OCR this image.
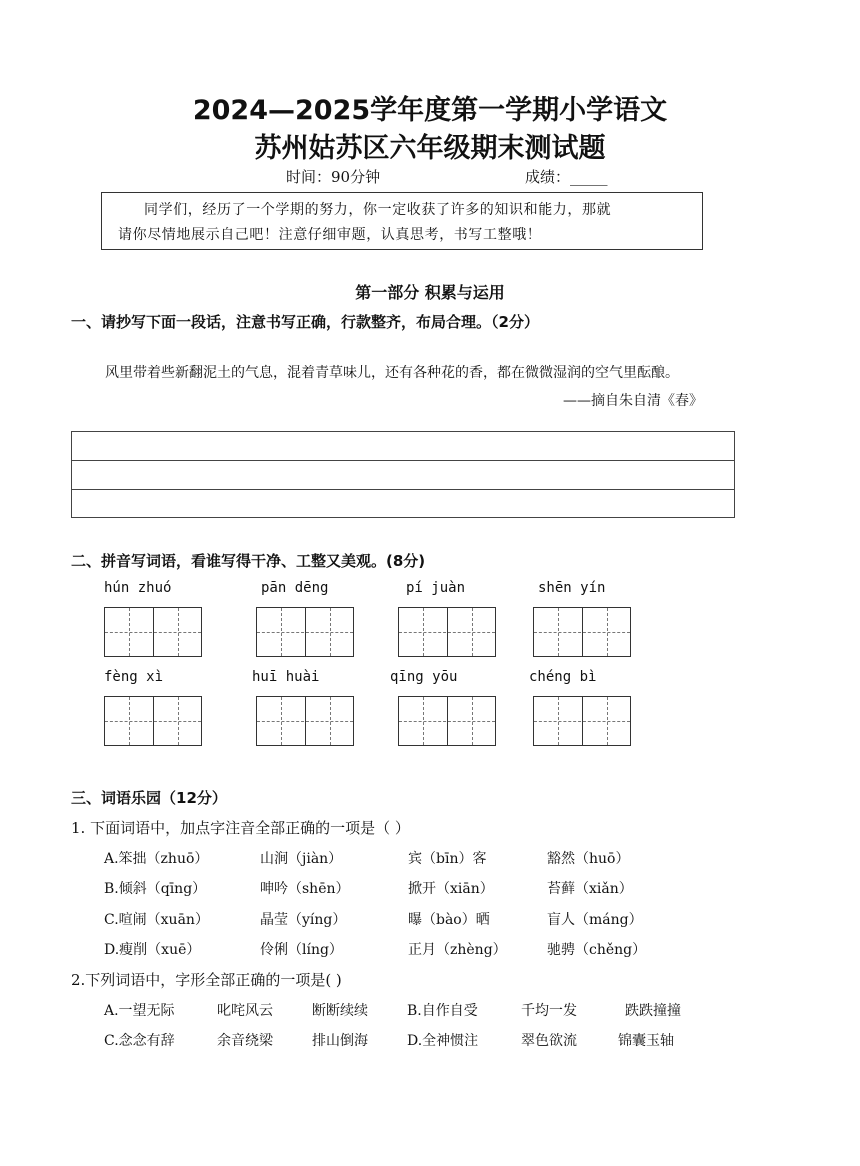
2024—2025学年度第一学期小学语文
苏州姑苏区六年级期末测试题
时间：90分钟	成绩：_____
同学们，经历了一个学期的努力，你一定收获了许多的知识和能力，那就
请你尽情地展示自己吧！注意仔细审题，认真思考，书写工整哦！
第一部分 积累与运用
一、请抄写下面一段话，注意书写正确，行款整齐，布局合理。（2分）
风里带着些新翻泥土的气息，混着青草味儿，还有各种花的香，都在微微湿润的空气里酝酿。
——摘自朱自清《春》
二、拼音写词语，看谁写得干净、工整又美观。(8分)
hún zhuó	pān dēng	pí juàn	shēn yín
fèng xì	huī huài	qīng yōu	chéng bì
三、词语乐园（12分）
1. 下面词语中，加点字注音全部正确的一项是（ ）
A.笨拙（zhuō）	山涧（jiàn）	宾（bīn）客	豁然（huō）
B.倾斜（qīng）	呻吟（shēn）	掀开（xiān）	苔藓（xiǎn）
C.喧闹（xuān）	晶莹（yíng）	曝（bào）晒	盲人（máng）
D.瘦削（xuē）	伶俐（líng）	正月（zhèng）	驰骋（chěng）
2.下列词语中，字形全部正确的一项是( )
A.一望无际	叱咤风云	断断续续	B.自作自受	千均一发	跌跌撞撞
C.念念有辞	余音绕梁	排山倒海	D.全神惯注	翠色欲流	锦囊玉轴
